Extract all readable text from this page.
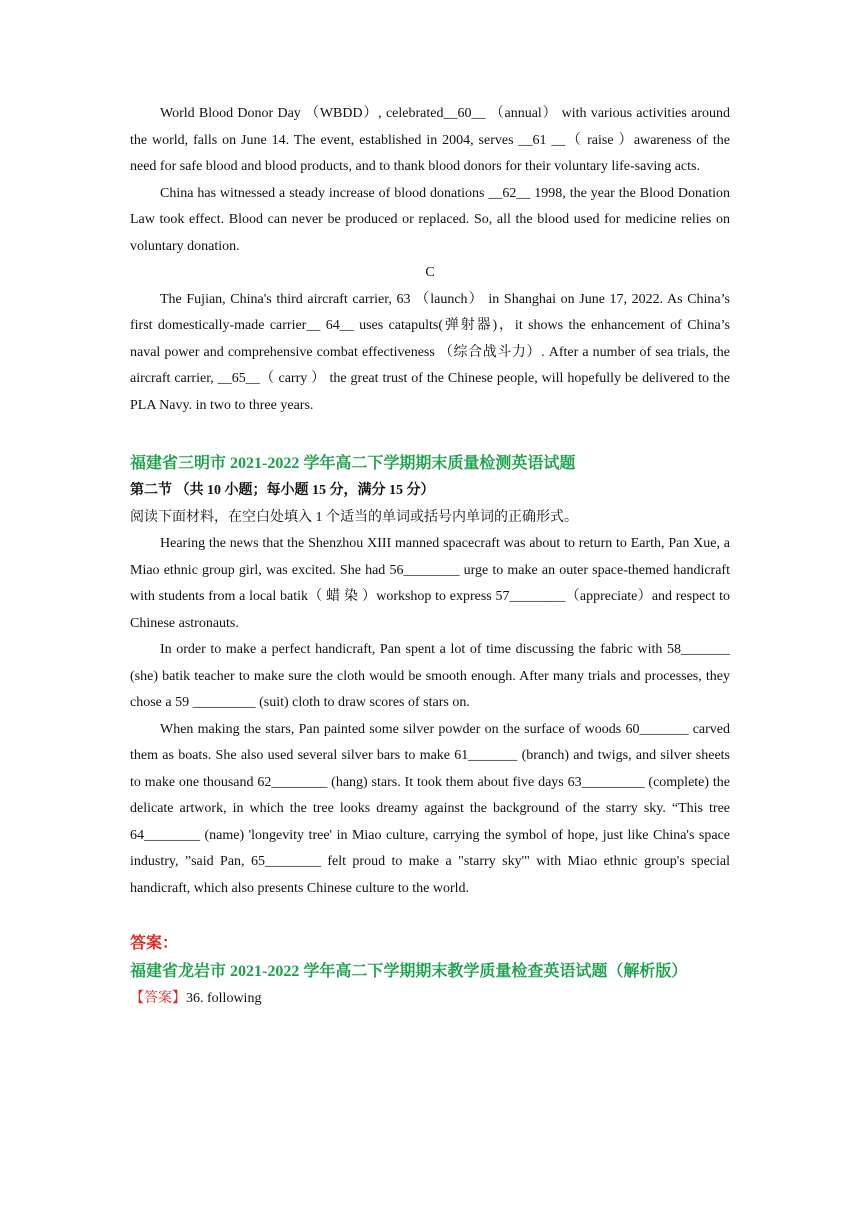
World Blood Donor Day （WBDD）, celebrated__60__ （annual） with various activities around the world, falls on June 14. The event, established in 2004, serves __61 __（ raise ）awareness of the need for safe blood and blood products, and to thank blood donors for their voluntary life-saving acts.

China has witnessed a steady increase of blood donations __62__ 1998, the year the Blood Donation Law took effect. Blood can never be produced or replaced. So, all the blood used for medicine relies on voluntary donation.

C

The Fujian, China's third aircraft carrier, 63 （launch） in Shanghai on June 17, 2022. As China’s first domestically-made carrier__ 64__ uses catapults(弹射器)，it shows the enhancement of China’s naval power and comprehensive combat effectiveness （综合战斗力）. After a number of sea trials, the aircraft carrier, __65__（ carry ） the great trust of the Chinese people, will hopefully be delivered to the PLA Navy. in two to three years.

福建省三明市 2021-2022 学年高二下学期期末质量检测英语试题

第二节 （共 10 小题；每小题 15 分，满分 15 分）

阅读下面材料，在空白处填入 1 个适当的单词或括号内单词的正确形式。

Hearing the news that the Shenzhou XIII manned spacecraft was about to return to Earth, Pan Xue, a Miao ethnic group girl, was excited. She had 56________ urge to make an outer space-themed handicraft with students from a local batik（ 蜡 染 ）workshop to express 57________（appreciate）and respect to Chinese astronauts.

In order to make a perfect handicraft, Pan spent a lot of time discussing the fabric with 58_______ (she) batik teacher to make sure the cloth would be smooth enough. After many trials and processes, they chose a 59 _________ (suit) cloth to draw scores of stars on.

When making the stars, Pan painted some silver powder on the surface of woods 60_______ carved them as boats. She also used several silver bars to make 61_______ (branch) and twigs, and silver sheets to make one thousand 62________ (hang) stars. It took them about five days 63_________ (complete) the delicate artwork, in which the tree looks dreamy against the background of the starry sky. “This tree 64________ (name) 'longevity tree' in Miao culture, carrying the symbol of hope, just like China's space industry, ”said Pan, 65________ felt proud to make a "starry sky'" with Miao ethnic group's special handicraft, which also presents Chinese culture to the world.

答案：

福建省龙岩市 2021-2022 学年高二下学期期末教学质量检查英语试题（解析版）

【答案】36. following
